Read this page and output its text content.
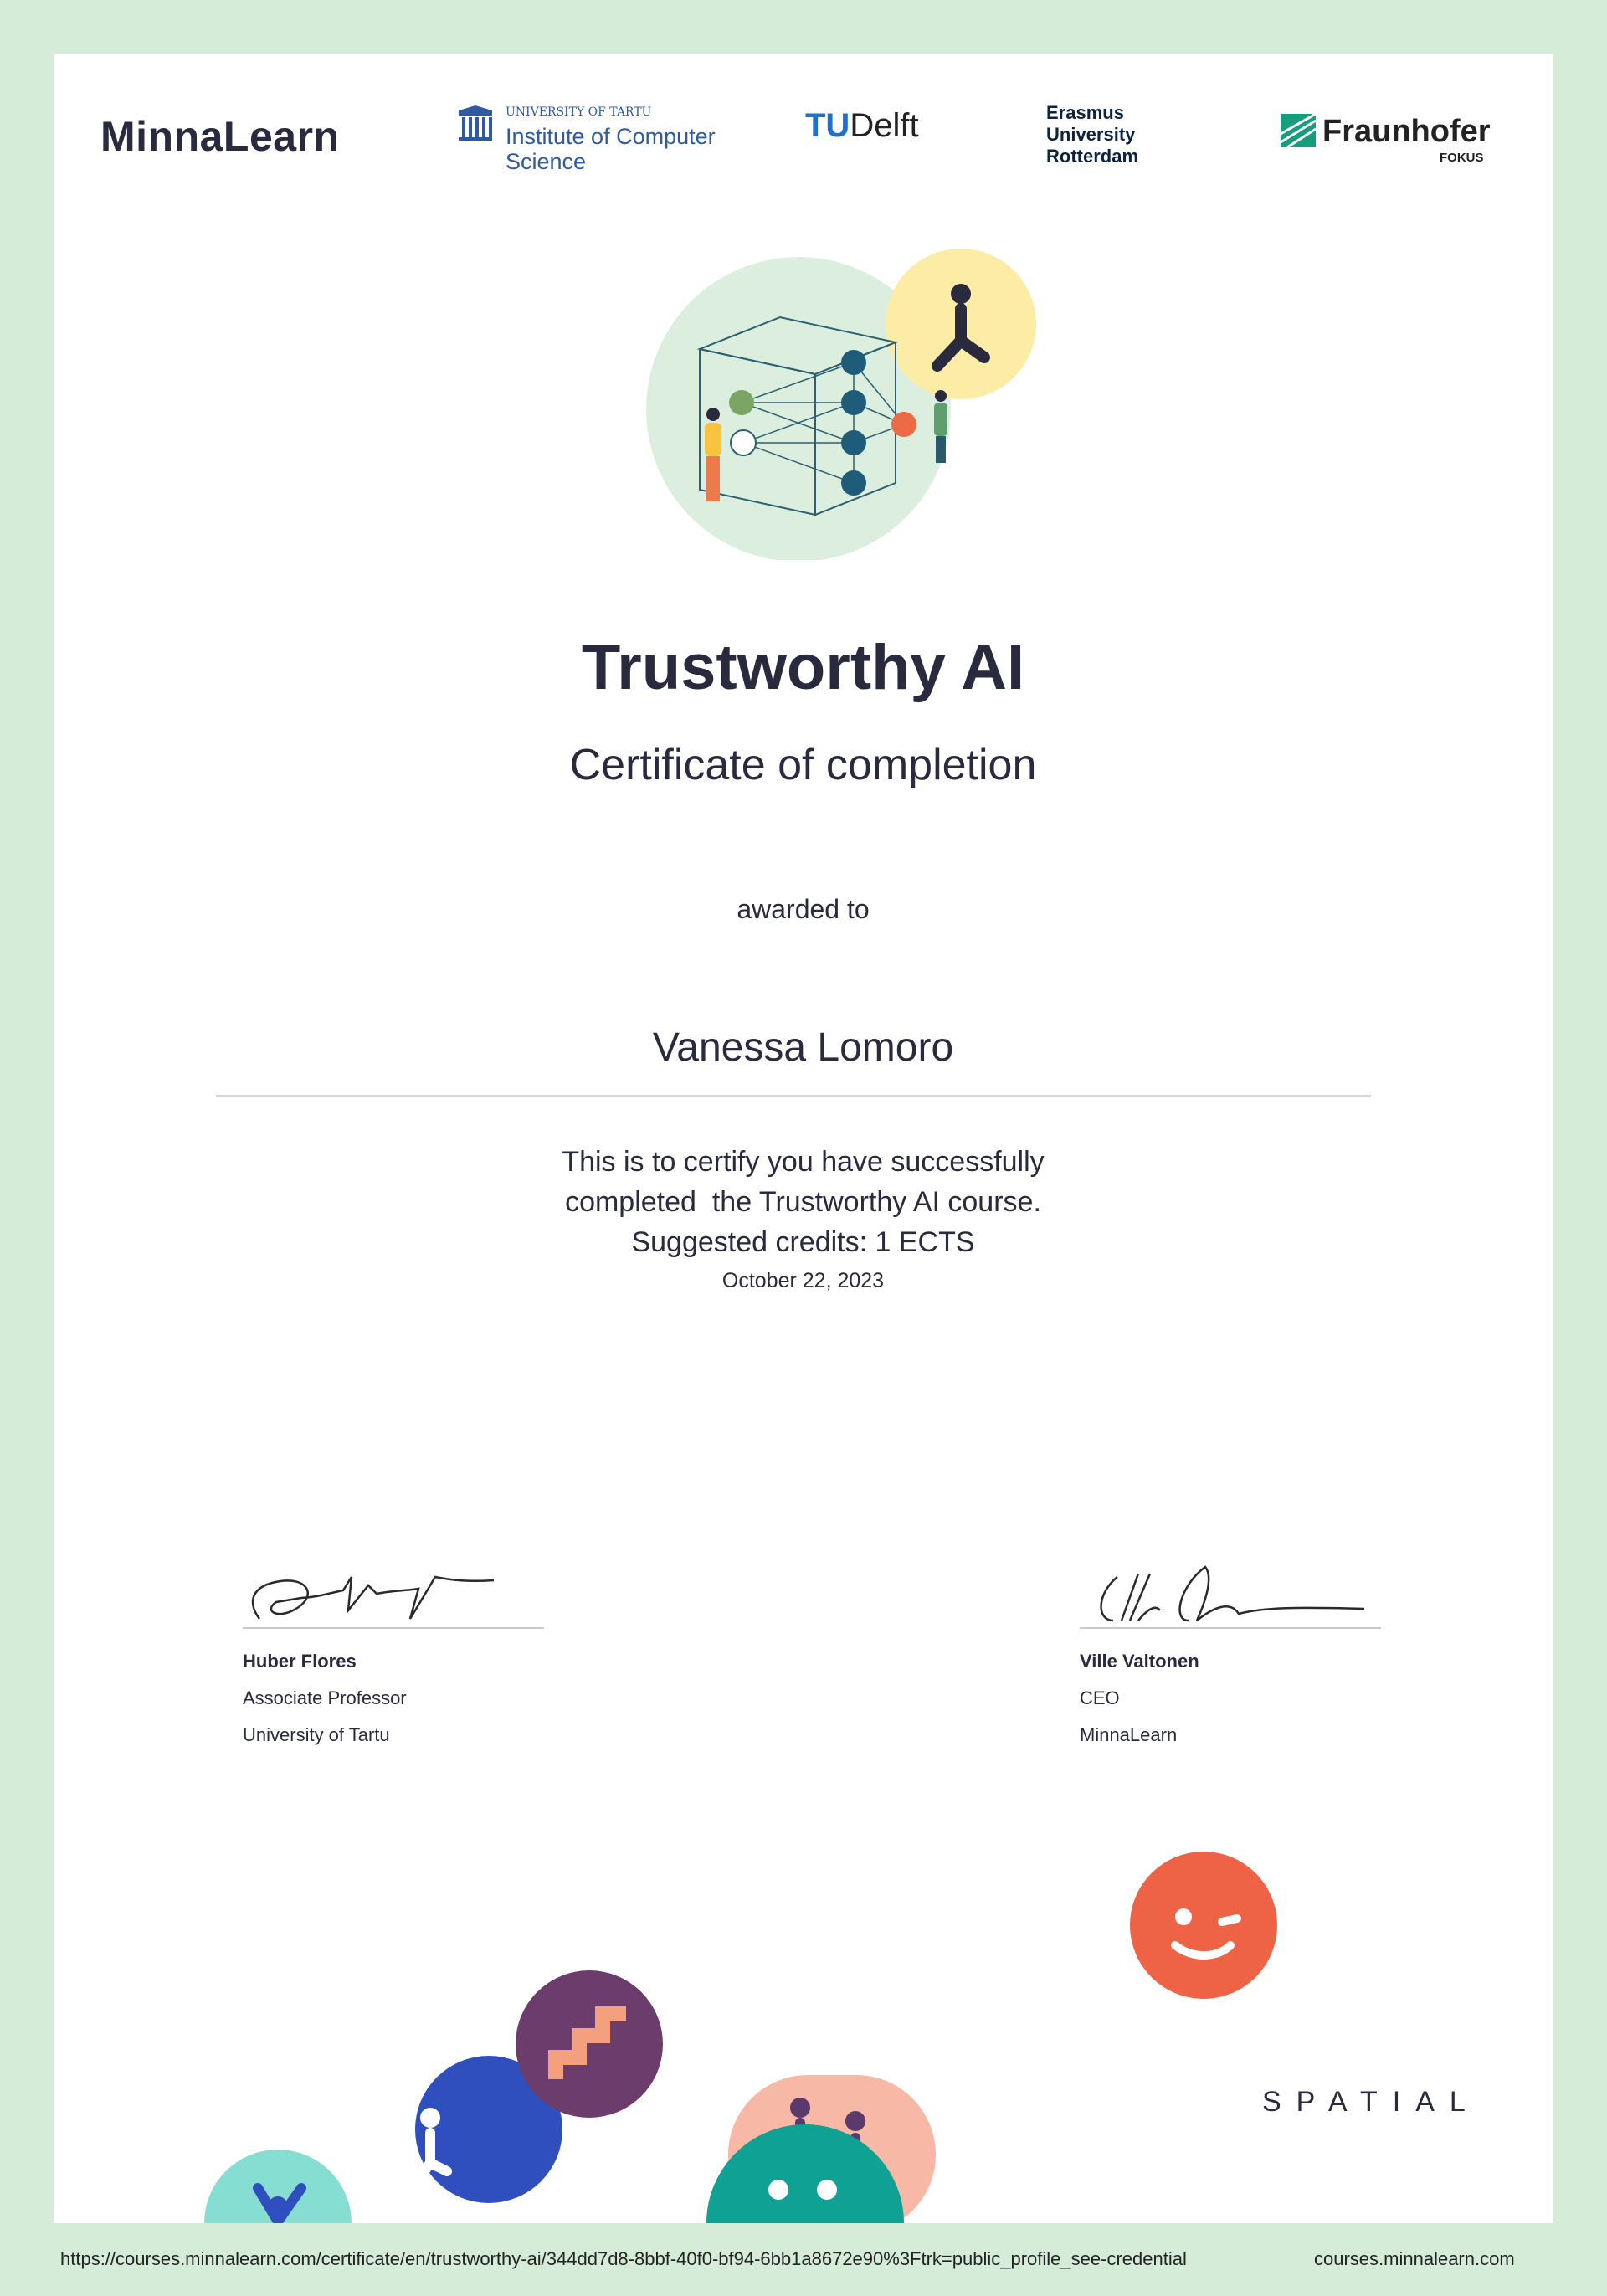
MinnaLearn
UNIVERSITY OF TARTU
Institute of Computer Science
TUDelft	Erasmus University Rotterdam
Fraunhofer
FOKUS
Trustworthy AI
Certificate of completion
awarded to
Vanessa Lomoro
This is to certify you have successfully
completed  the Trustworthy AI course.
Suggested credits: 1 ECTS
October 22, 2023
Huber Flores
Associate Professor
University of Tartu
Ville Valtonen
CEO
MinnaLearn
SPATIAL
https://courses.minnalearn.com/certificate/en/trustworthy-ai/344dd7d8-8bbf-40f0-bf94-6bb1a8672e90%3Ftrk=public_profile_see-credential	courses.minnalearn.com
